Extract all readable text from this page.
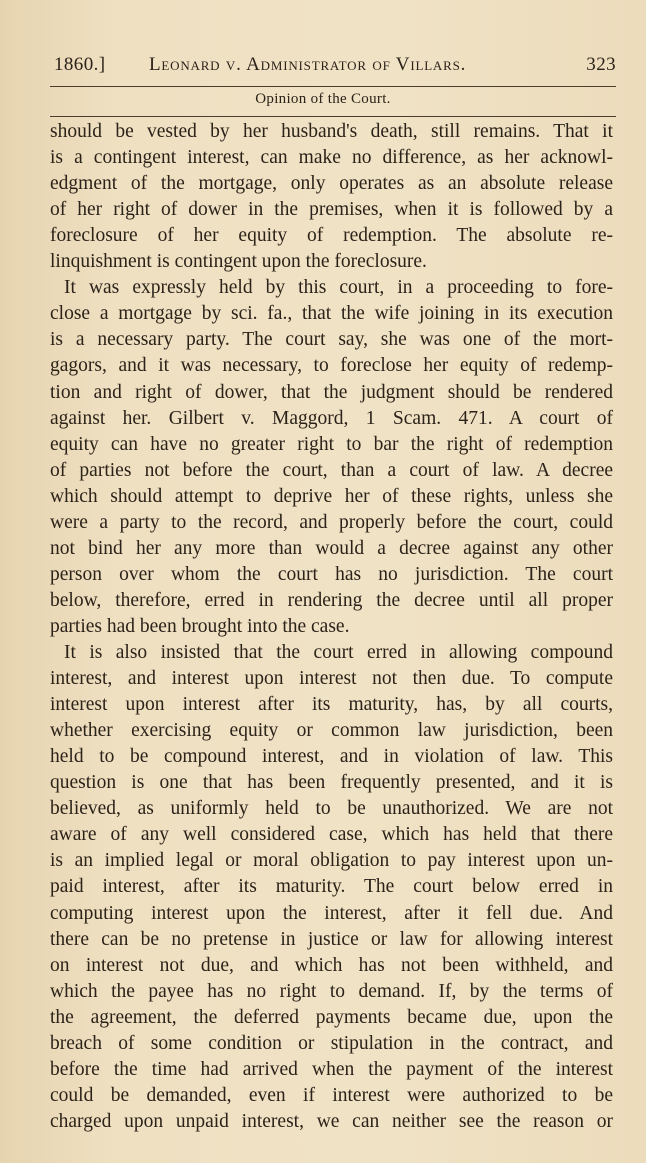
1860.] Leonard v. Administrator of Villars.	323
Opinion of the Court.
should be vested by her husband's death, still remains. That it
is a contingent interest, can make no difference, as her acknowl-
edgment of the mortgage, only operates as an absolute release
of her right of dower in the premises, when it is followed by a
foreclosure of her equity of redemption. The absolute re-
linquishment is contingent upon the foreclosure.
It was expressly held by this court, in a proceeding to fore-
close a mortgage by sci. fa., that the wife joining in its execution
is a necessary party. The court say, she was one of the mort-
gagors, and it was necessary, to foreclose her equity of redemp-
tion and right of dower, that the judgment should be rendered
against her. Gilbert v. Maggord, 1 Scam. 471. A court of
equity can have no greater right to bar the right of redemption
of parties not before the court, than a court of law. A decree
which should attempt to deprive her of these rights, unless she
were a party to the record, and properly before the court, could
not bind her any more than would a decree against any other
person over whom the court has no jurisdiction. The court
below, therefore, erred in rendering the decree until all proper
parties had been brought into the case.
It is also insisted that the court erred in allowing compound
interest, and interest upon interest not then due. To compute
interest upon interest after its maturity, has, by all courts,
whether exercising equity or common law jurisdiction, been
held to be compound interest, and in violation of law. This
question is one that has been frequently presented, and it is
believed, as uniformly held to be unauthorized. We are not
aware of any well considered case, which has held that there
is an implied legal or moral obligation to pay interest upon un-
paid interest, after its maturity. The court below erred in
computing interest upon the interest, after it fell due. And
there can be no pretense in justice or law for allowing interest
on interest not due, and which has not been withheld, and
which the payee has no right to demand. If, by the terms of
the agreement, the deferred payments became due, upon the
breach of some condition or stipulation in the contract, and
before the time had arrived when the payment of the interest
could be demanded, even if interest were authorized to be
charged upon unpaid interest, we can neither see the reason or
